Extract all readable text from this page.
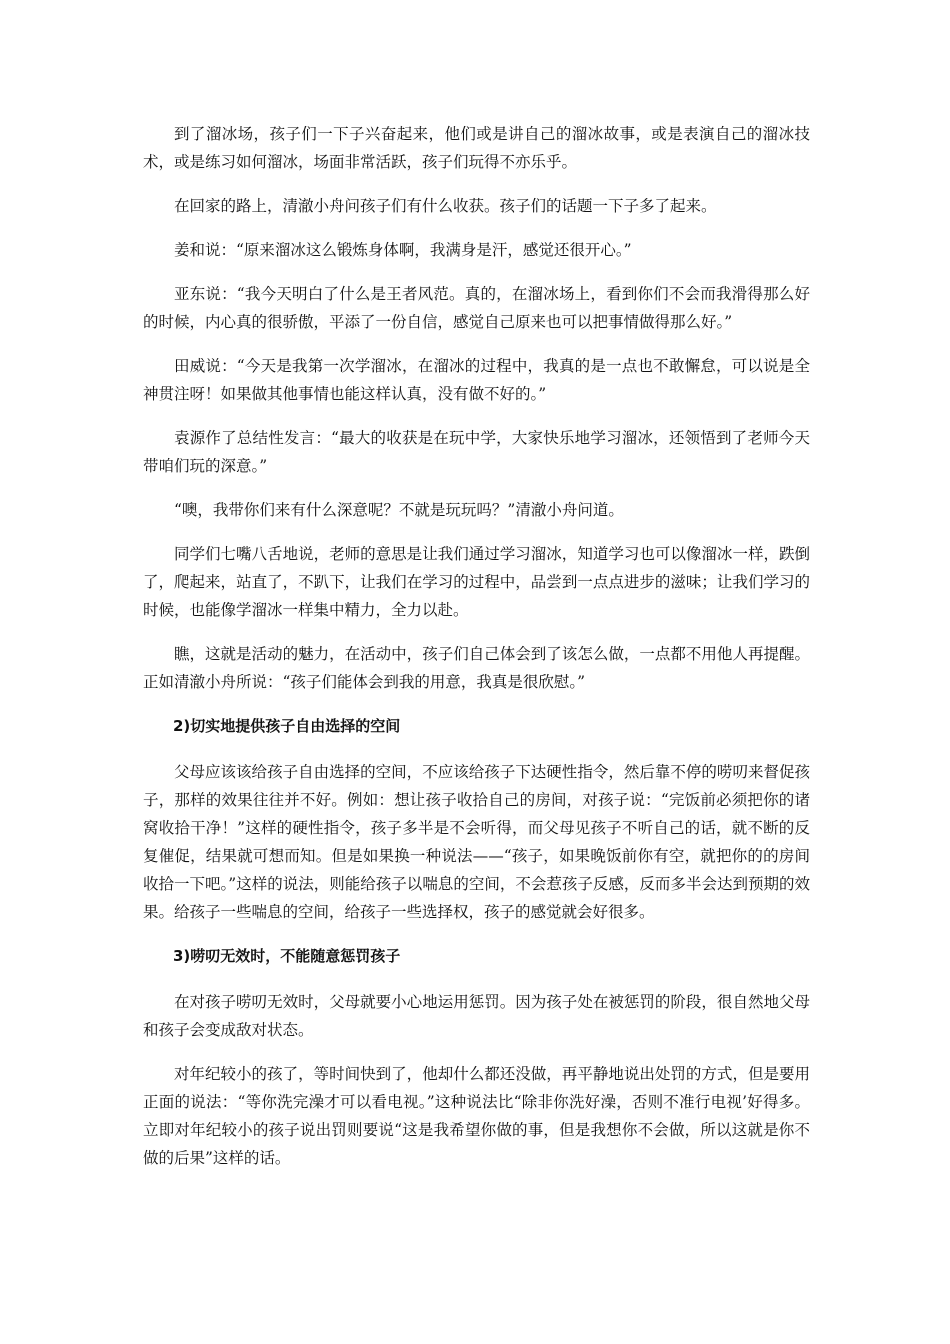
到了溜冰场，孩子们一下子兴奋起来，他们或是讲自己的溜冰故事，或是表演自己的溜冰技术，或是练习如何溜冰，场面非常活跃，孩子们玩得不亦乐乎。

在回家的路上，清澈小舟问孩子们有什么收获。孩子们的话题一下子多了起来。

姜和说：“原来溜冰这么锻炼身体啊，我满身是汗，感觉还很开心。”

亚东说：“我今天明白了什么是王者风范。真的，在溜冰场上，看到你们不会而我滑得那么好的时候，内心真的很骄傲，平添了一份自信，感觉自己原来也可以把事情做得那么好。”

田威说：“今天是我第一次学溜冰，在溜冰的过程中，我真的是一点也不敢懈怠，可以说是全神贯注呀！如果做其他事情也能这样认真，没有做不好的。”

袁源作了总结性发言：“最大的收获是在玩中学，大家快乐地学习溜冰，还领悟到了老师今天带咱们玩的深意。”

“噢，我带你们来有什么深意呢？不就是玩玩吗？”清澈小舟问道。

同学们七嘴八舌地说，老师的意思是让我们通过学习溜冰，知道学习也可以像溜冰一样，跌倒了，爬起来，站直了，不趴下，让我们在学习的过程中，品尝到一点点进步的滋味；让我们学习的时候，也能像学溜冰一样集中精力，全力以赴。

瞧，这就是活动的魅力，在活动中，孩子们自己体会到了该怎么做，一点都不用他人再提醒。正如清澈小舟所说：“孩子们能体会到我的用意，我真是很欣慰。”

2)切实地提供孩子自由选择的空间

父母应该该给孩子自由选择的空间，不应该给孩子下达硬性指令，然后靠不停的唠叨来督促孩子，那样的效果往往并不好。例如：想让孩子收拾自己的房间，对孩子说：“完饭前必须把你的诸窝收拾干净！”这样的硬性指令，孩子多半是不会听得，而父母见孩子不听自己的话，就不断的反复催促，结果就可想而知。但是如果换一种说法——“孩子，如果晚饭前你有空，就把你的的房间收拾一下吧。”这样的说法，则能给孩子以喘息的空间，不会惹孩子反感，反而多半会达到预期的效果。给孩子一些喘息的空间，给孩子一些选择权，孩子的感觉就会好很多。

3)唠叨无效时，不能随意惩罚孩子

在对孩子唠叨无效时，父母就要小心地运用惩罚。因为孩子处在被惩罚的阶段，很自然地父母和孩子会变成敌对状态。

对年纪较小的孩了，等时间快到了，他却什么都还没做，再平静地说出处罚的方式，但是要用正面的说法：“等你洗完澡才可以看电视。”这种说法比“除非你洗好澡，否则不准行电视’好得多。立即对年纪较小的孩子说出罚则要说“这是我希望你做的事，但是我想你不会做，所以这就是你不做的后果”这样的话。
